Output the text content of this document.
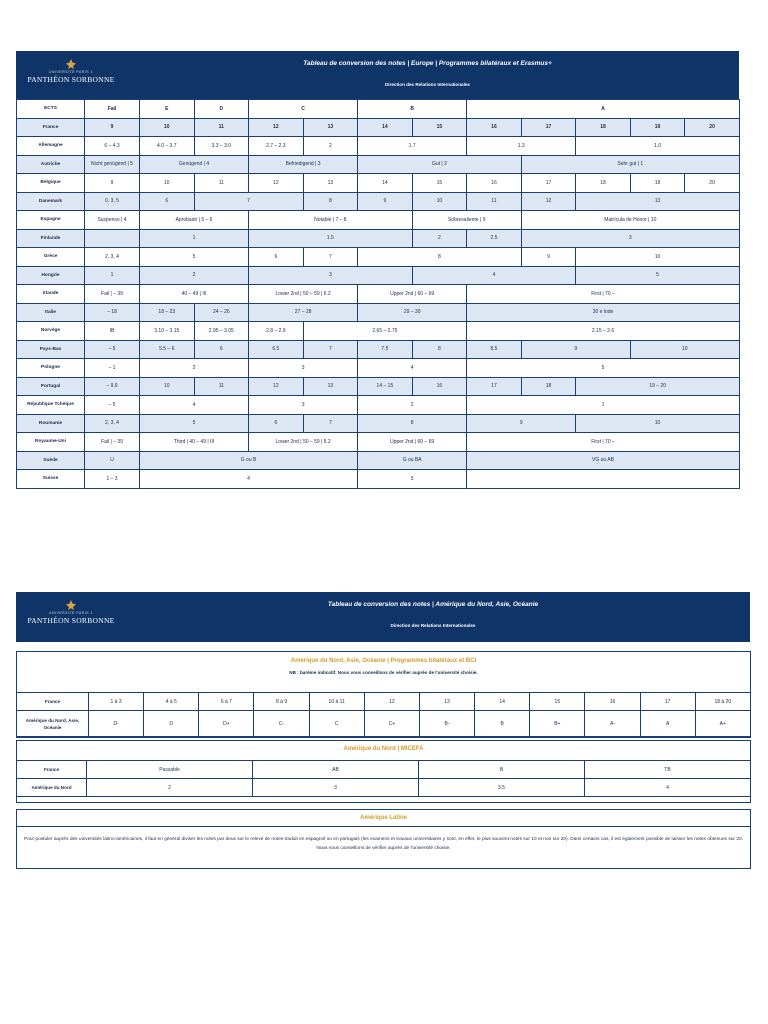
UNIVERSITÉ PARIS 1
PANTHÉON SORBONNE
Tableau de conversion des notes | Europe | Programmes bilatéraux et Erasmus+
Direction des Relations Internationales
ECTS	Fail	E	D	C		B		A				
France	9	10	11	12	13	14	15	16	17	18	19	20
Allemagne	6 – 4.3	4.0 – 3.7	3.3 – 3.0	2.7 – 2.3	2	1.7		1.3		1.0		
Autriche	Nicht genügend | 5	Genügend | 4		Befriedigend | 3		Gut | 2			Sehr gut | 1			
Belgique	9	10	11	12	13	14	15	16	17	18	19	20
Danemark	0, 3, 5	6	7		8	9	10	11	12	13		
Espagne	Suspenso | 4	Aprobado | 5 – 6		Notable | 7 – 8			Sobresaliente | 9		Matrícula de Honor | 10			
Finlande		1		1.5			2	2.5	3			
Grèce	2, 3, 4	5		6	7	8			9	10		
Hongrie	1	2		3			4			5		
Irlande	Fail | – 39	40 – 49 | III		Lower 2nd | 50 – 59 | II.2		Upper 2nd | 60 – 69		First | 70 –				
Italie	– 18	18 – 23	24 – 26	27 – 28		29 – 30		30 e lode				
Norvège	IB	3.10 – 3.15	2.95 – 3.05	2.8 – 2.9	2.65 – 2.75			2.15 – 2.6				
Pays-Bas	– 5	5.5 – 6	6	6.5	7	7.5	8	8.5	9		10	
Pologne	– 1	2		3		4		5				
Portugal	– 9.9	10	11	12	13	14 – 15	16	17	18	19 – 20		
République Tchèque	– 5	4		3		2		1				
Roumanie	2, 3, 4	5		6	7	8		9		10		
Royaume-Uni	Fail | – 39	Third | 40 – 49 | III		Lower 2nd | 50 – 59 | II.2		Upper 2nd | 60 – 69		First | 70 –				
Suède	U	G ou B				G ou BA		VG ou AB				
Suisse	1 – 3	4				5						
UNIVERSITÉ PARIS 1
PANTHÉON SORBONNE
Tableau de conversion des notes | Amérique du Nord, Asie, Océanie
Direction des Relations Internationales
Amérique du Nord, Asie, Océanie | Programmes bilatéraux et BCI
NB : barème indicatif. Nous vous conseillons de vérifier auprès de l'université choisie.
France	1 à 3	4 à 5	6 à 7	8 à 9	10 à 11	12	13	14	15	16	17	18 à 20
Amérique du Nord, Asie, Océanie	D-	D	D+	C-	C	C+	B-	B	B+	A-	A	A+
Amérique du Nord | MICEFA
France	Passable	AB	B	TB
Amérique du Nord	2	3	3.5	4
Amérique Latine
Pour postuler auprès des universités latino-américaines, il faut en général diviser les notes par deux sur le relevé de notes traduit en espagnol ou en portugais (les examens et travaux universitaires y sont, en effet, le plus souvent notés sur 10 et non sur 20). Dans certains cas, il est également possible de laisser les notes obtenues sur 20. Nous vous conseillons de vérifier auprès de l'université choisie.
